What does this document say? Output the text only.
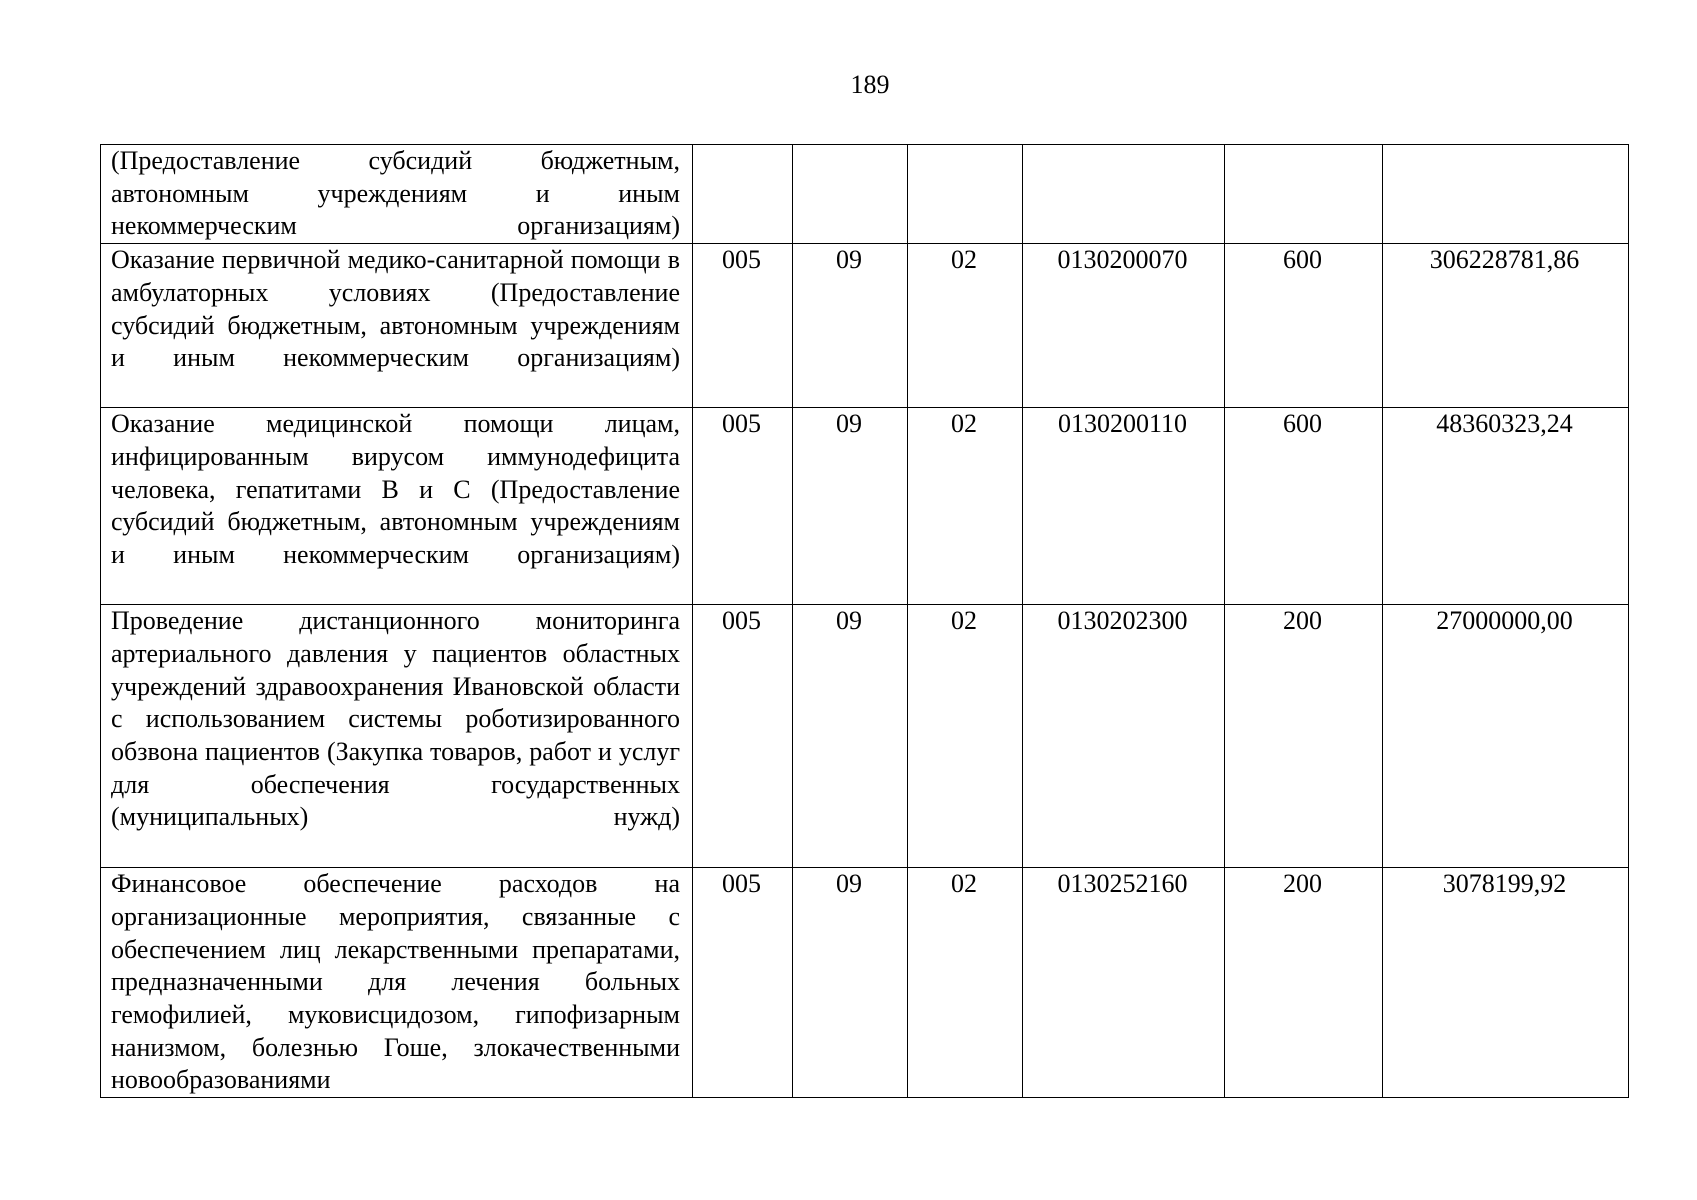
189
(Предоставление субсидий бюджетным, автономным учреждениям и иным некоммерческим организациям)						
Оказание первичной медико-санитарной помощи в амбулаторных условиях (Предоставление субсидий бюджетным, автономным учреждениям и иным некоммерческим организациям)	005	09	02	0130200070	600	306228781,86
Оказание медицинской помощи лицам, инфицированным вирусом иммунодефицита человека, гепатитами B и C (Предоставление субсидий бюджетным, автономным учреждениям и иным некоммерческим организациям)	005	09	02	0130200110	600	48360323,24
Проведение дистанционного мониторинга артериального давления у пациентов областных учреждений здравоохранения Ивановской области с использованием системы роботизированного обзвона пациентов (Закупка товаров, работ и услуг для обеспечения государственных (муниципальных) нужд)	005	09	02	0130202300	200	27000000,00
Финансовое обеспечение расходов на организационные мероприятия, связанные с обеспечением лиц лекарственными препаратами, предназначенными для лечения больных гемофилией, муковисцидозом, гипофизарным нанизмом, болезнью Гоше, злокачественными новообразованиями	005	09	02	0130252160	200	3078199,92
